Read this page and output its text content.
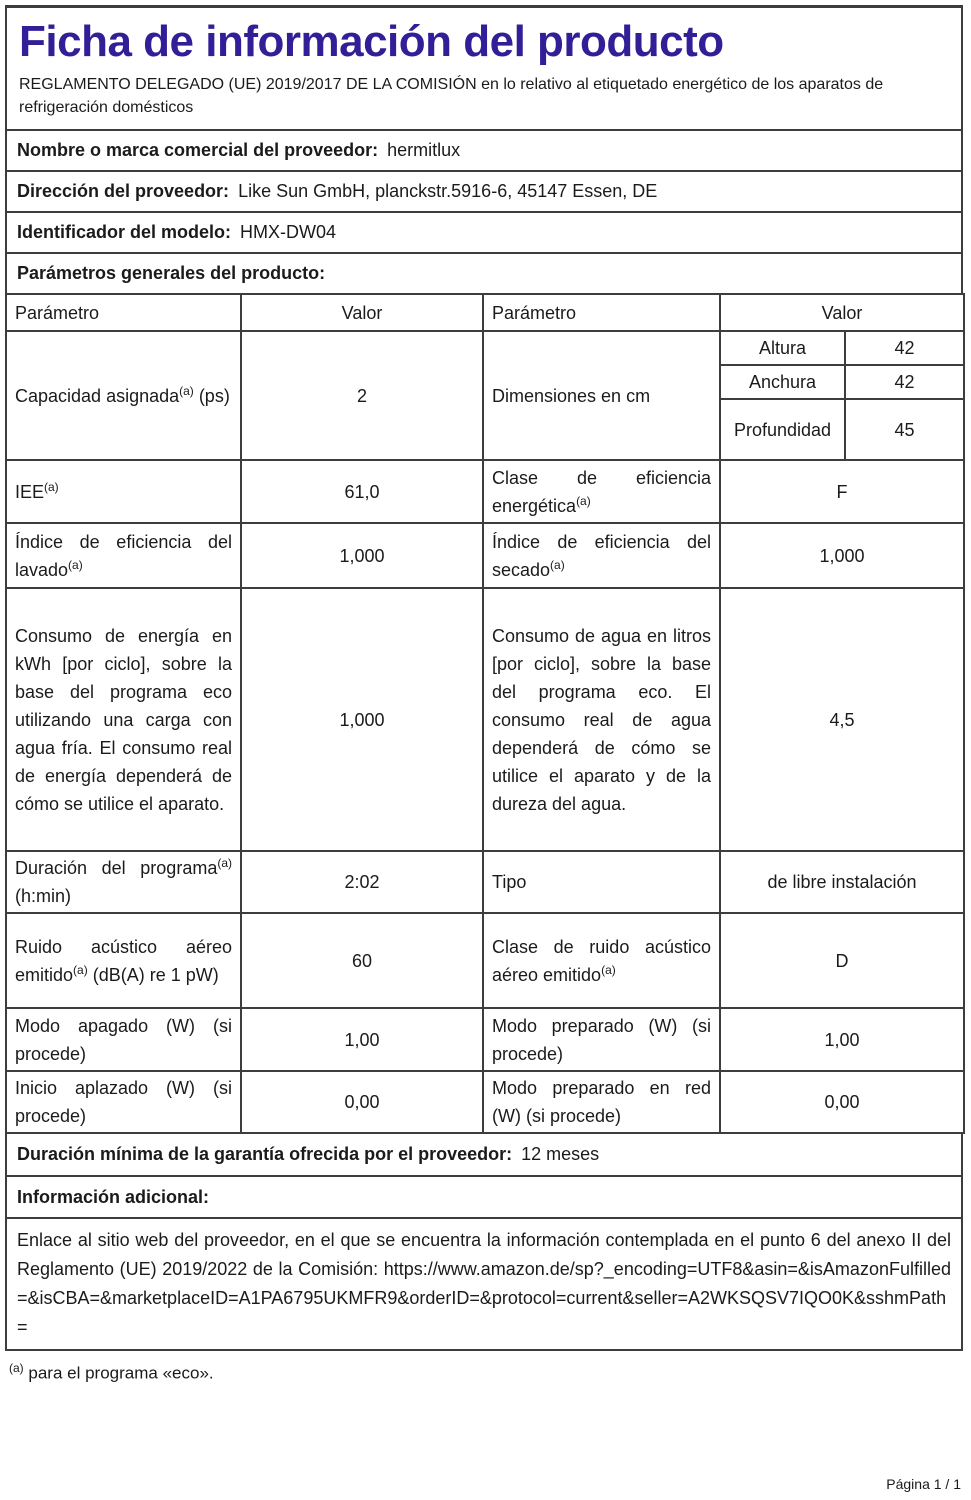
Ficha de información del producto
REGLAMENTO DELEGADO (UE) 2019/2017 DE LA COMISIÓN en lo relativo al etiquetado energético de los aparatos de refrigeración domésticos
Nombre o marca comercial del proveedor: hermitlux
Dirección del proveedor: Like Sun GmbH, planckstr.5916-6, 45147 Essen, DE
Identificador del modelo: HMX-DW04
Parámetros generales del producto:
Parámetro	Valor	Parámetro	Valor	
Capacidad asignada$^{(a)}$ (ps)	2	Dimensiones en cm	Altura	42
			Anchura	42
			Profundidad	45
IEE$^{(a)}$	61,0	Clase de eficiencia energética$^{(a)}$	F	
Índice de eficiencia del lavado$^{(a)}$	1,000	Índice de eficiencia del secado$^{(a)}$	1,000	
Consumo de energía en kWh [por ciclo], sobre la base del programa eco utilizando una carga con agua fría. El consumo real de energía dependerá de cómo se utilice el aparato.	1,000	Consumo de agua en litros [por ciclo], sobre la base del programa eco. El consumo real de agua dependerá de cómo se utilice el aparato y de la dureza del agua.	4,5	
Duración del programa$^{(a)}$ (h:min)	2:02	Tipo	de libre instalación	
Ruido acústico aéreo emitido$^{(a)}$ (dB(A) re 1 pW)	60	Clase de ruido acústico aéreo emitido$^{(a)}$	D	
Modo apagado (W) (si procede)	1,00	Modo preparado (W) (si procede)	1,00	
Inicio aplazado (W) (si procede)	0,00	Modo preparado en red (W) (si procede)	0,00	
Duración mínima de la garantía ofrecida por el proveedor: 12 meses
Información adicional:
Enlace al sitio web del proveedor, en el que se encuentra la información contemplada en el punto 6 del anexo II del Reglamento (UE) 2019/2022 de la Comisión: https://www.amazon.de/sp?_encoding=UTF8&asin=&isAmazonFulfilled=&isCBA=&marketplaceID=A1PA6795UKMFR9&orderID=&protocol=current&seller=A2WKSQSV7IQO0K&sshmPath=
$^{(a)}$ para el programa «eco».
Página 1 / 1
